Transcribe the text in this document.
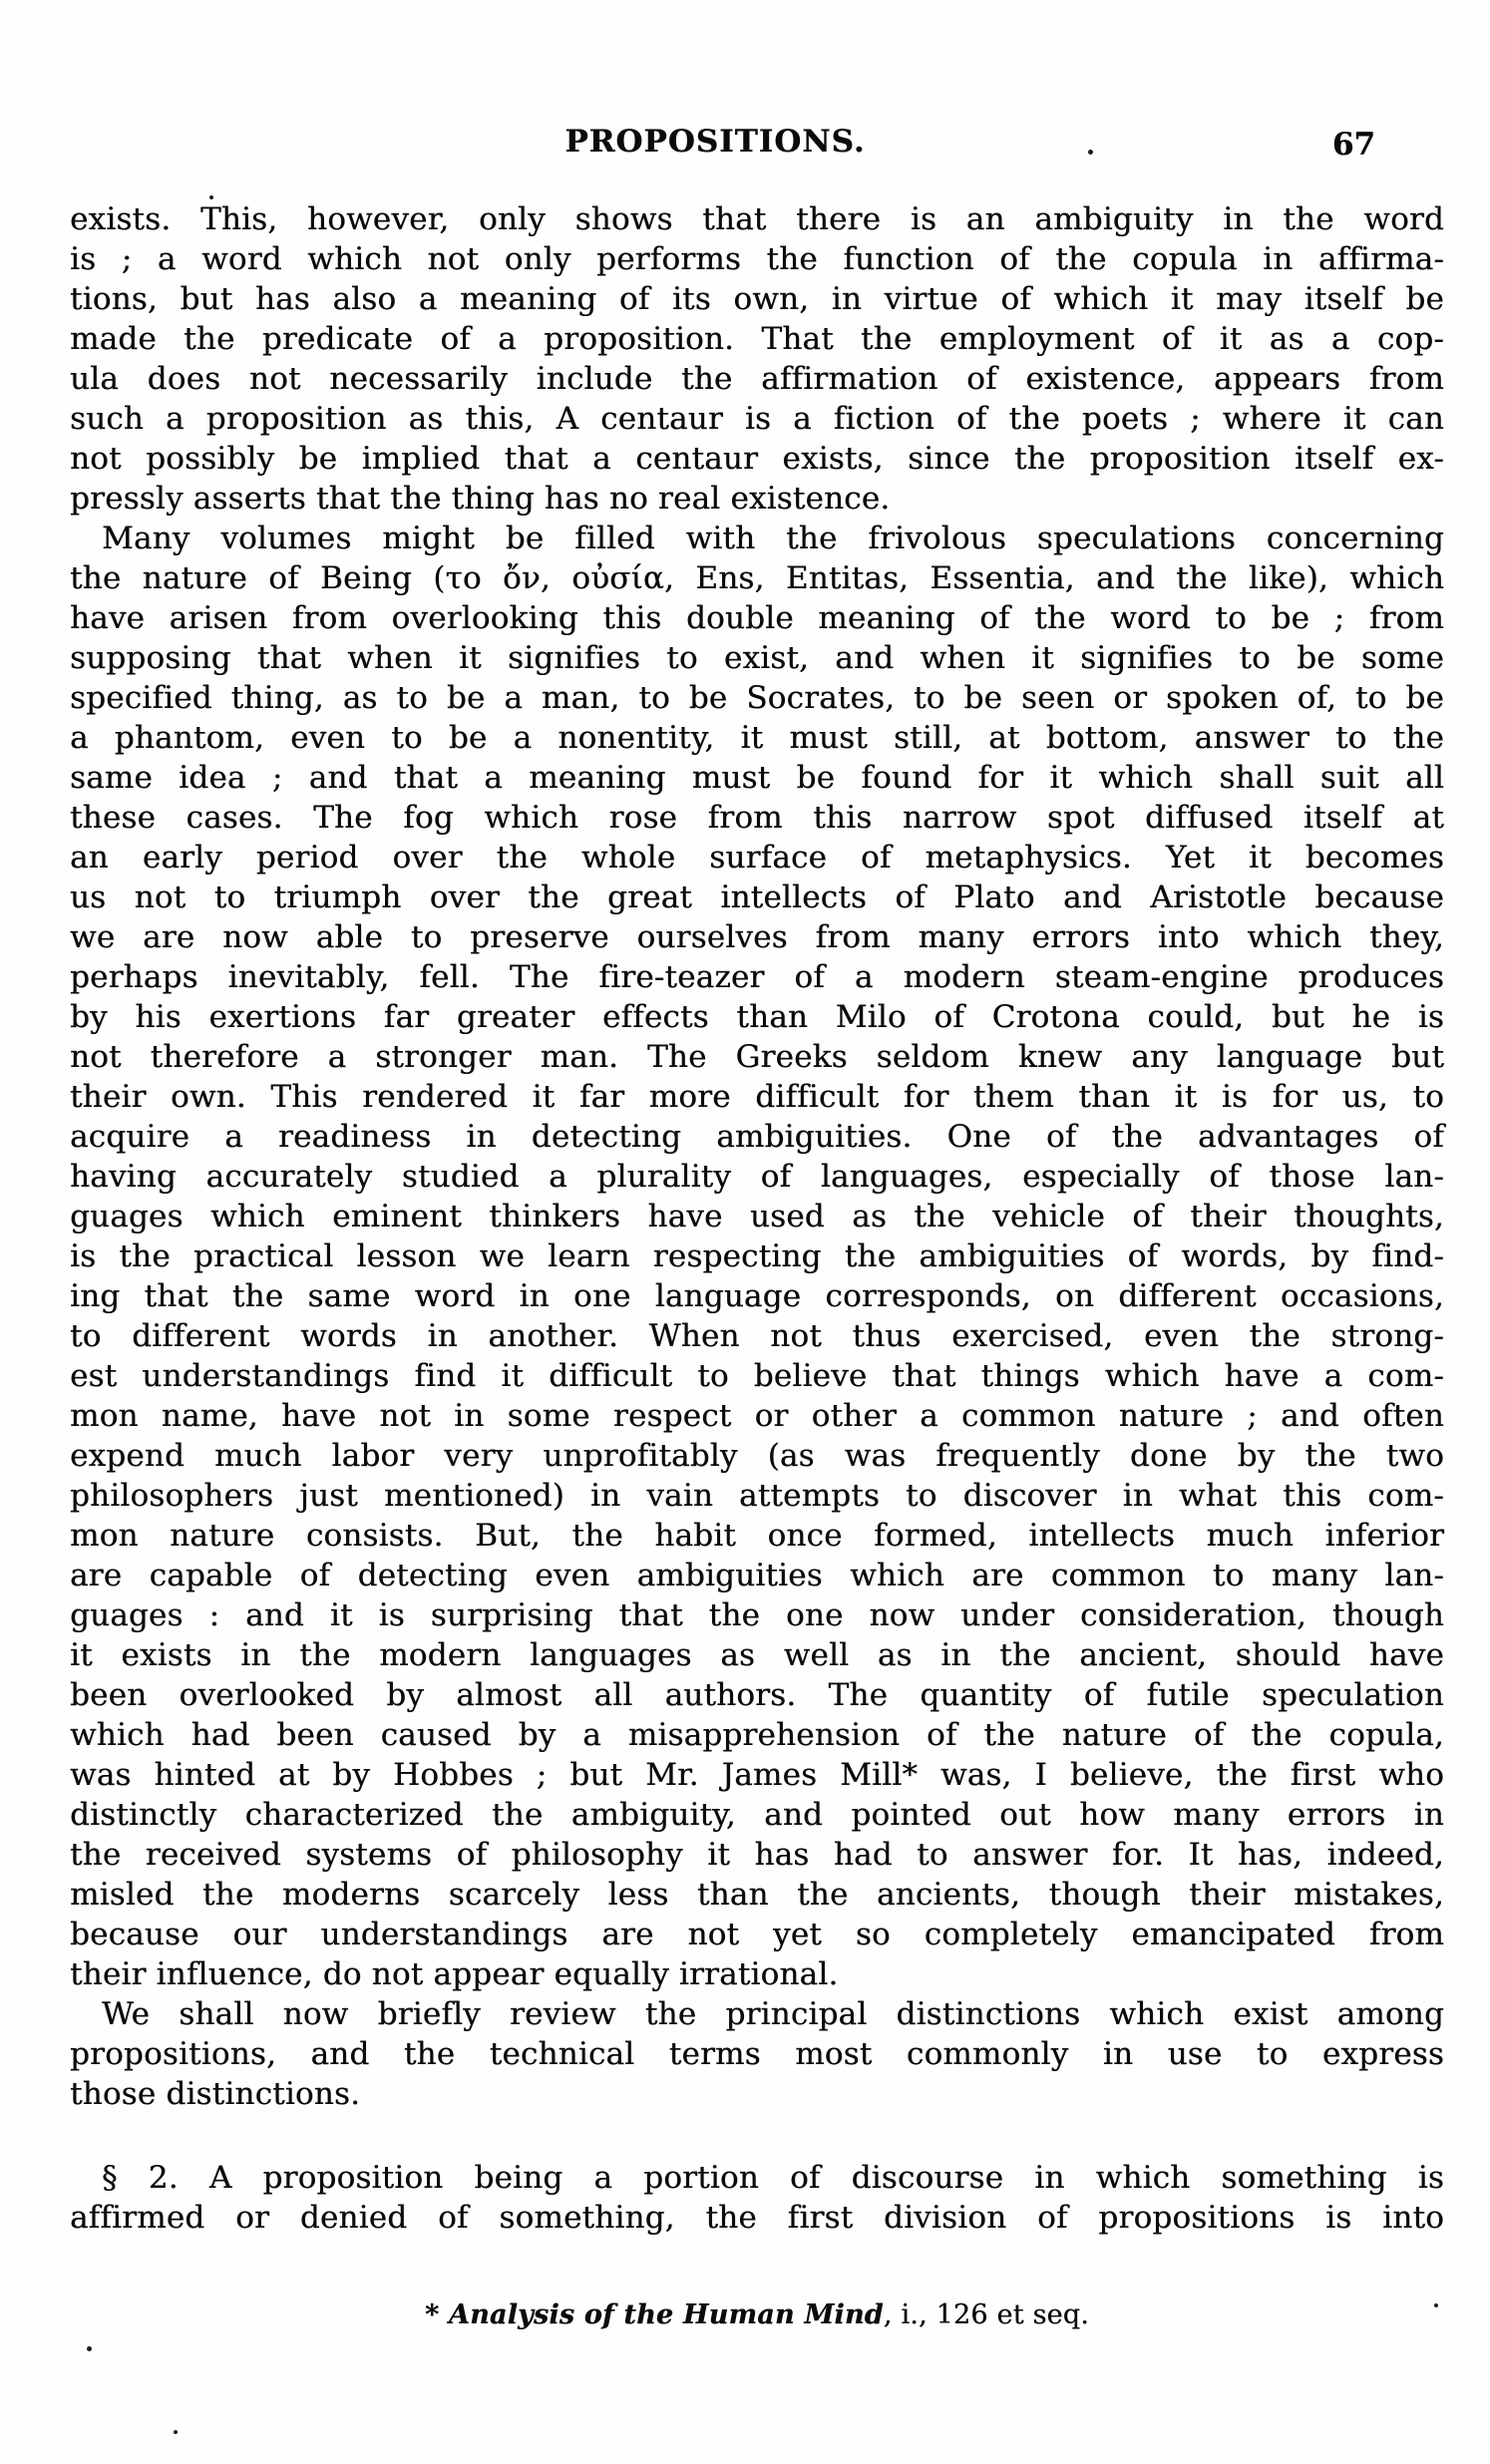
PROPOSITIONS.	67

exists. This, however, only shows that there is an ambiguity in the word
is ; a word which not only performs the function of the copula in affirma-
tions, but has also a meaning of its own, in virtue of which it may itself be
made the predicate of a proposition. That the employment of it as a cop-
ula does not necessarily include the affirmation of existence, appears from
such a proposition as this, A centaur is a fiction of the poets ; where it can
not possibly be implied that a centaur exists, since the proposition itself ex-
pressly asserts that the thing has no real existence.

Many volumes might be filled with the frivolous speculations concerning
the nature of Being (το ὄν, οὐσία, Ens, Entitas, Essentia, and the like), which
have arisen from overlooking this double meaning of the word to be ; from
supposing that when it signifies to exist, and when it signifies to be some
specified thing, as to be a man, to be Socrates, to be seen or spoken of, to be
a phantom, even to be a nonentity, it must still, at bottom, answer to the
same idea ; and that a meaning must be found for it which shall suit all
these cases. The fog which rose from this narrow spot diffused itself at
an early period over the whole surface of metaphysics. Yet it becomes
us not to triumph over the great intellects of Plato and Aristotle because
we are now able to preserve ourselves from many errors into which they,
perhaps inevitably, fell. The fire-teazer of a modern steam-engine produces
by his exertions far greater effects than Milo of Crotona could, but he is
not therefore a stronger man. The Greeks seldom knew any language but
their own. This rendered it far more difficult for them than it is for us, to
acquire a readiness in detecting ambiguities. One of the advantages of
having accurately studied a plurality of languages, especially of those lan-
guages which eminent thinkers have used as the vehicle of their thoughts,
is the practical lesson we learn respecting the ambiguities of words, by find-
ing that the same word in one language corresponds, on different occasions,
to different words in another. When not thus exercised, even the strong-
est understandings find it difficult to believe that things which have a com-
mon name, have not in some respect or other a common nature ; and often
expend much labor very unprofitably (as was frequently done by the two
philosophers just mentioned) in vain attempts to discover in what this com-
mon nature consists. But, the habit once formed, intellects much inferior
are capable of detecting even ambiguities which are common to many lan-
guages : and it is surprising that the one now under consideration, though
it exists in the modern languages as well as in the ancient, should have
been overlooked by almost all authors. The quantity of futile speculation
which had been caused by a misapprehension of the nature of the copula,
was hinted at by Hobbes ; but Mr. James Mill* was, I believe, the first who
distinctly characterized the ambiguity, and pointed out how many errors in
the received systems of philosophy it has had to answer for. It has, indeed,
misled the moderns scarcely less than the ancients, though their mistakes,
because our understandings are not yet so completely emancipated from
their influence, do not appear equally irrational.

We shall now briefly review the principal distinctions which exist among
propositions, and the technical terms most commonly in use to express
those distinctions.

§ 2. A proposition being a portion of discourse in which something is
affirmed or denied of something, the first division of propositions is into

* Analysis of the Human Mind, i., 126 et seq.
